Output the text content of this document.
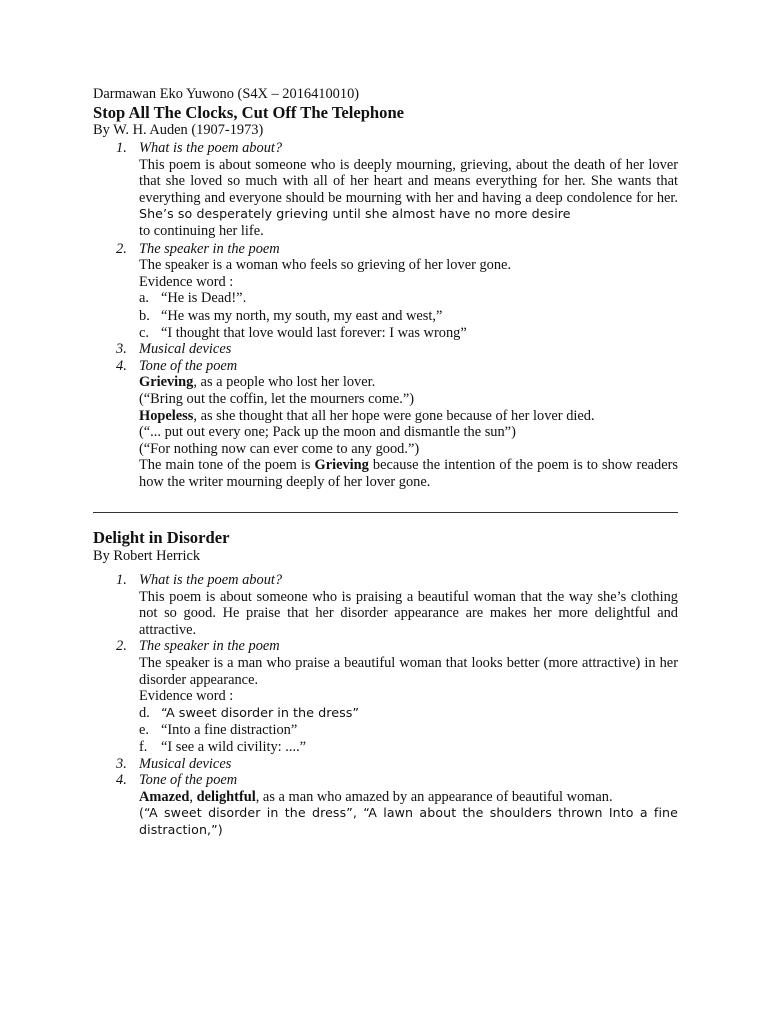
Darmawan Eko Yuwono (S4X – 2016410010)
Stop All The Clocks, Cut Off The Telephone
By W. H. Auden (1907-1973)
1. What is the poem about?
This poem is about someone who is deeply mourning, grieving, about the death of her lover that she loved so much with all of her heart and means everything for her. She wants that everything and everyone should be mourning with her and having a deep condolence for her. She’s so desperately grieving until she almost have no more desire
to continuing her life.
2. The speaker in the poem
The speaker is a woman who feels so grieving of her lover gone.
Evidence word :
a. “He is Dead!”.
b. “He was my north, my south, my east and west,”
c. “I thought that love would last forever: I was wrong”
3. Musical devices
4. Tone of the poem
Grieving, as a people who lost her lover.
(“Bring out the coffin, let the mourners come.”)
Hopeless, as she thought that all her hope were gone because of her lover died.
(“... put out every one; Pack up the moon and dismantle the sun”)
(“For nothing now can ever come to any good.”)
The main tone of the poem is Grieving because the intention of the poem is to show readers how the writer mourning deeply of her lover gone.
Delight in Disorder
By Robert Herrick
1. What is the poem about?
This poem is about someone who is praising a beautiful woman that the way she’s clothing not so good. He praise that her disorder appearance are makes her more delightful and attractive.
2. The speaker in the poem
The speaker is a man who praise a beautiful woman that looks better (more attractive) in her disorder appearance.
Evidence word :
d. “A sweet disorder in the dress”
e. “Into a fine distraction”
f. “I see a wild civility: ....”
3. Musical devices
4. Tone of the poem
Amazed, delightful, as a man who amazed by an appearance of beautiful woman.
(“A sweet disorder in the dress”, “A lawn about the shoulders thrown Into a fine distraction,”)
